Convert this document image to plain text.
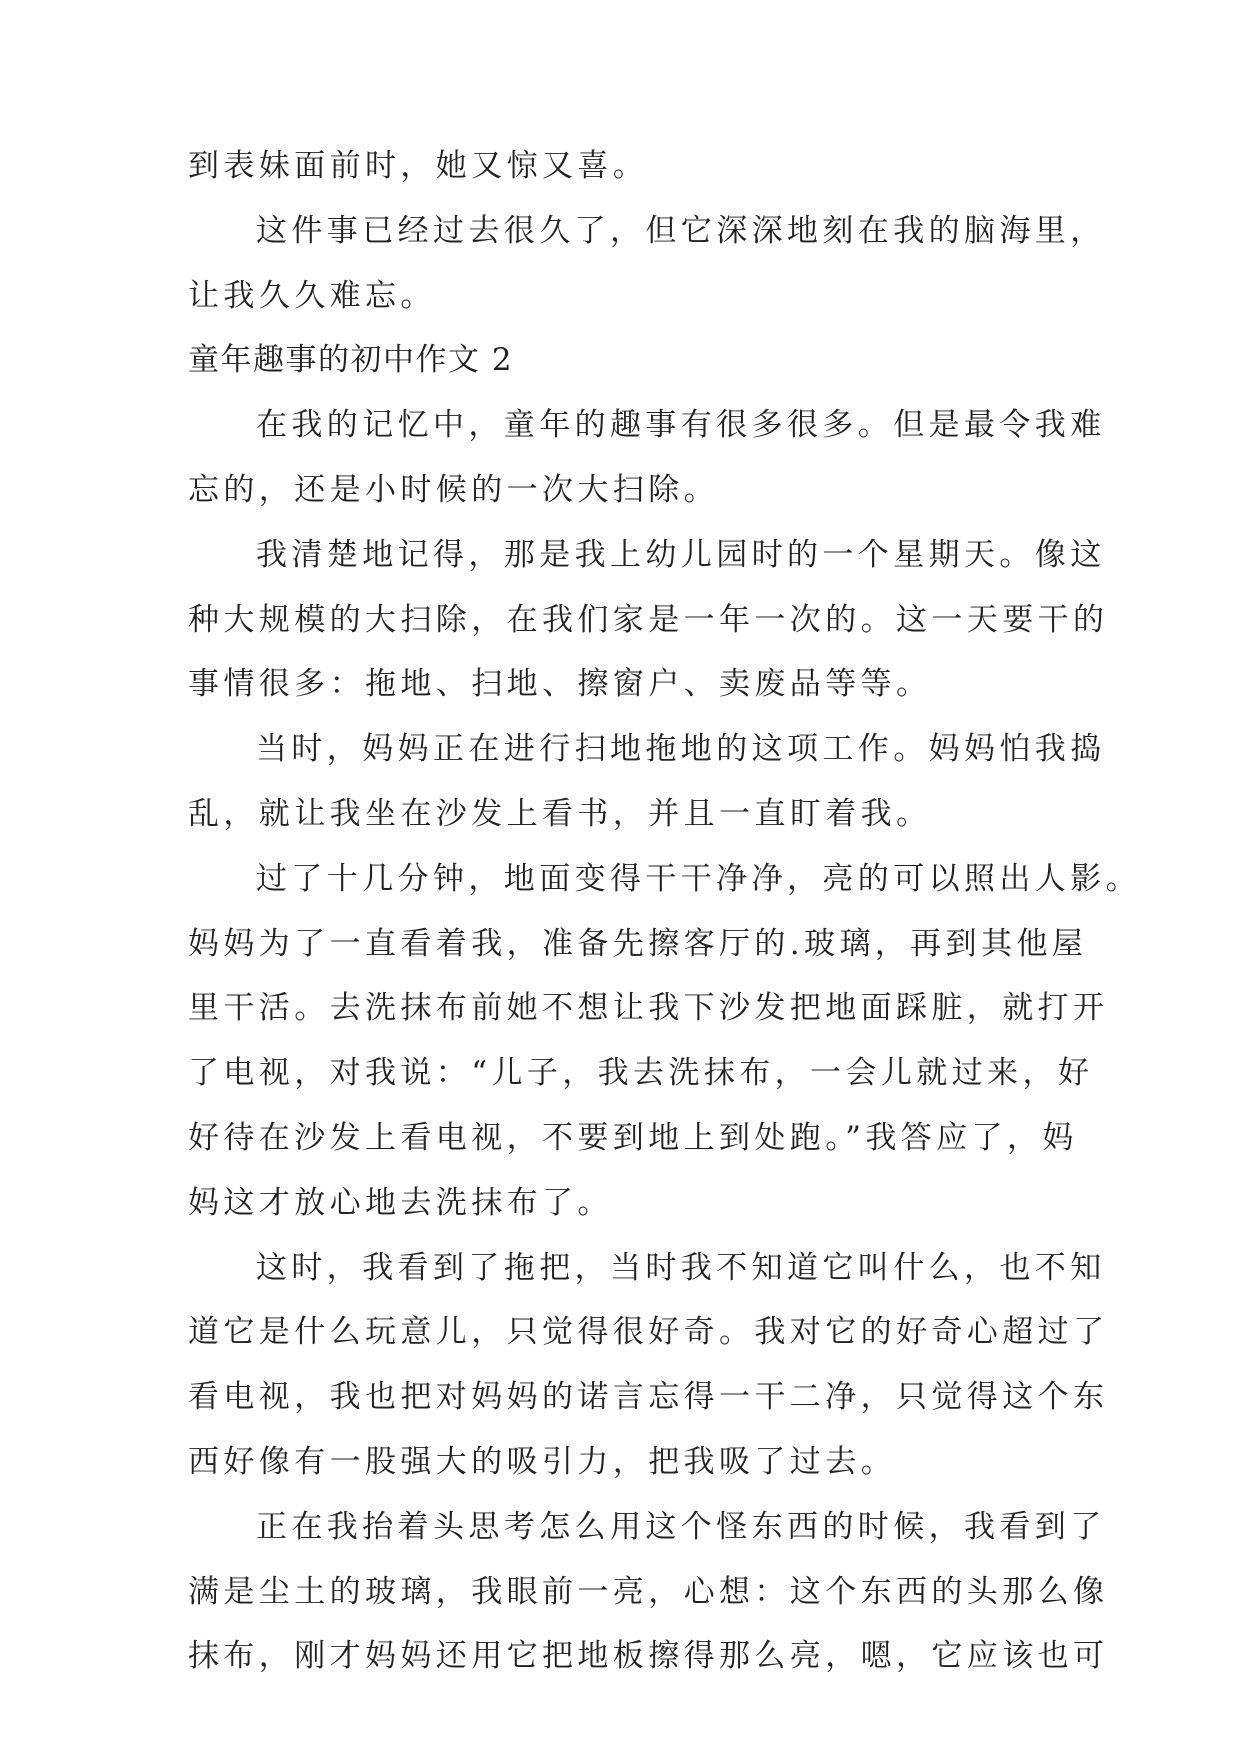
到表妹面前时，她又惊又喜。
这件事已经过去很久了，但它深深地刻在我的脑海里，
让我久久难忘。
童年趣事的初中作文 2
在我的记忆中，童年的趣事有很多很多。但是最令我难
忘的，还是小时候的一次大扫除。
我清楚地记得，那是我上幼儿园时的一个星期天。像这
种大规模的大扫除，在我们家是一年一次的。这一天要干的
事情很多：拖地、扫地、擦窗户、卖废品等等。
当时，妈妈正在进行扫地拖地的这项工作。妈妈怕我捣
乱，就让我坐在沙发上看书，并且一直盯着我。
过了十几分钟，地面变得干干净净，亮的可以照出人影。
妈妈为了一直看着我，准备先擦客厅的.玻璃，再到其他屋
里干活。去洗抹布前她不想让我下沙发把地面踩脏，就打开
了电视，对我说：“儿子，我去洗抹布，一会儿就过来，好
好待在沙发上看电视，不要到地上到处跑。”我答应了，妈
妈这才放心地去洗抹布了。
这时，我看到了拖把，当时我不知道它叫什么，也不知
道它是什么玩意儿，只觉得很好奇。我对它的好奇心超过了
看电视，我也把对妈妈的诺言忘得一干二净，只觉得这个东
西好像有一股强大的吸引力，把我吸了过去。
正在我抬着头思考怎么用这个怪东西的时候，我看到了
满是尘土的玻璃，我眼前一亮，心想：这个东西的头那么像
抹布，刚才妈妈还用它把地板擦得那么亮，嗯，它应该也可
